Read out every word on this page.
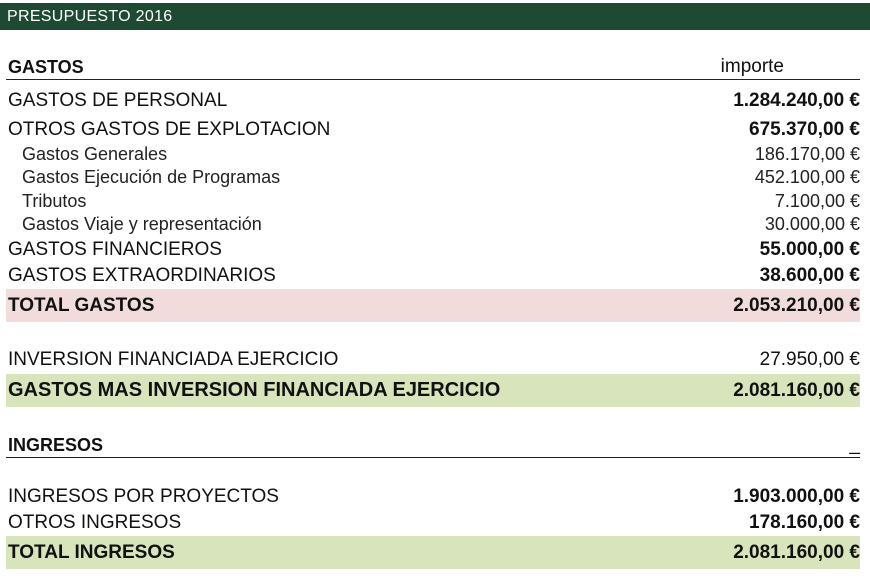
PRESUPUESTO 2016
GASTOS	importe
GASTOS DE PERSONAL	1.284.240,00 €
OTROS GASTOS DE EXPLOTACION	675.370,00 €
Gastos Generales	186.170,00 €
Gastos Ejecución de Programas	452.100,00 €
Tributos	7.100,00 €
Gastos Viaje y representación	30.000,00 €
GASTOS FINANCIEROS	55.000,00 €
GASTOS EXTRAORDINARIOS	38.600,00 €
TOTAL GASTOS	2.053.210,00 €
INVERSION FINANCIADA EJERCICIO	27.950,00 €
GASTOS MAS INVERSION FINANCIADA EJERCICIO	2.081.160,00 €
INGRESOS	_
INGRESOS POR PROYECTOS	1.903.000,00 €
OTROS INGRESOS	178.160,00 €
TOTAL INGRESOS	2.081.160,00 €
